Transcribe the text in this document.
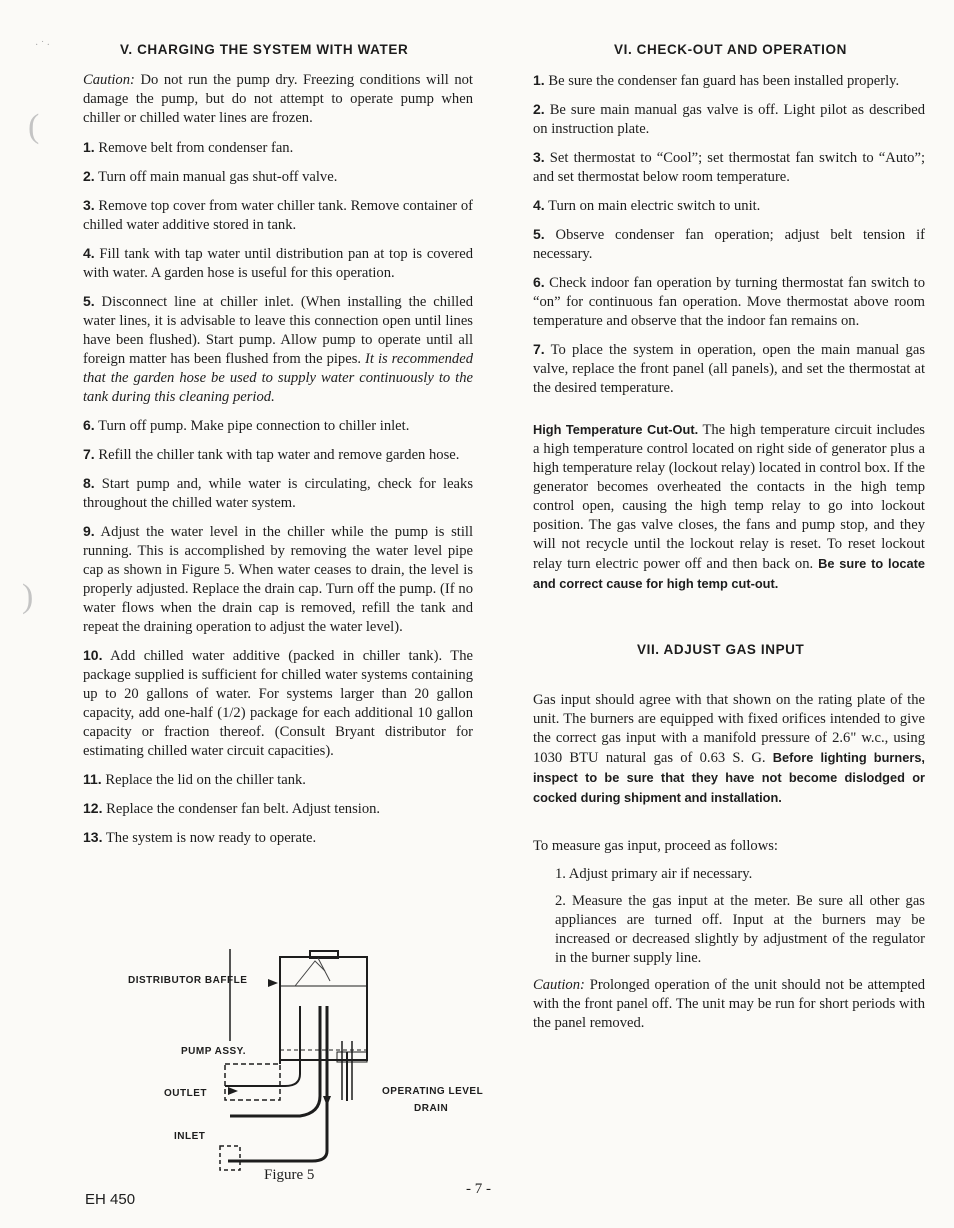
· ˙ ·
(
)
V. CHARGING THE SYSTEM WITH WATER

Caution: Do not run the pump dry. Freezing conditions will not damage the pump, but do not attempt to operate pump when chiller or chilled water lines are frozen.

1. Remove belt from condenser fan.

2. Turn off main manual gas shut-off valve.

3. Remove top cover from water chiller tank. Remove container of chilled water additive stored in tank.

4. Fill tank with tap water until distribution pan at top is covered with water. A garden hose is useful for this operation.

5. Disconnect line at chiller inlet. (When installing the chilled water lines, it is advisable to leave this connection open until lines have been flushed). Start pump. Allow pump to operate until all foreign matter has been flushed from the pipes. It is recommended that the garden hose be used to supply water continuously to the tank during this cleaning period.

6. Turn off pump. Make pipe connection to chiller inlet.

7. Refill the chiller tank with tap water and remove garden hose.

8. Start pump and, while water is circulating, check for leaks throughout the chilled water system.

9. Adjust the water level in the chiller while the pump is still running. This is accomplished by removing the water level pipe cap as shown in Figure 5. When water ceases to drain, the level is properly adjusted. Replace the drain cap. Turn off the pump. (If no water flows when the drain cap is removed, refill the tank and repeat the draining operation to adjust the water level).

10. Add chilled water additive (packed in chiller tank). The package supplied is sufficient for chilled water systems containing up to 20 gallons of water. For systems larger than 20 gallon capacity, add one-half (1/2) package for each additional 10 gallon capacity or fraction thereof. (Consult Bryant distributor for estimating chilled water circuit capacities).

11. Replace the lid on the chiller tank.

12. Replace the condenser fan belt. Adjust tension.

13. The system is now ready to operate.

DISTRIBUTOR BAFFLE
PUMP ASSY.
OUTLET
INLET
OPERATING LEVEL
DRAIN
Figure 5
VI. CHECK-OUT AND OPERATION

1. Be sure the condenser fan guard has been installed properly.

2. Be sure main manual gas valve is off. Light pilot as described on instruction plate.

3. Set thermostat to “Cool”; set thermostat fan switch to “Auto”; and set thermostat below room temperature.

4. Turn on main electric switch to unit.

5. Observe condenser fan operation; adjust belt tension if necessary.

6. Check indoor fan operation by turning thermostat fan switch to “on” for continuous fan operation. Move thermostat above room temperature and observe that the indoor fan remains on.

7. To place the system in operation, open the main manual gas valve, replace the front panel (all panels), and set the thermostat at the desired temperature.

High Temperature Cut-Out. The high temperature circuit includes a high temperature control located on right side of generator plus a high temperature relay (lockout relay) located in control box. If the generator becomes overheated the contacts in the high temp control open, causing the high temp relay to go into lockout position. The gas valve closes, the fans and pump stop, and they will not recycle until the lockout relay is reset. To reset lockout relay turn electric power off and then back on. Be sure to locate and correct cause for high temp cut-out.

VII. ADJUST GAS INPUT

Gas input should agree with that shown on the rating plate of the unit. The burners are equipped with fixed orifices intended to give the correct gas input with a manifold pressure of 2.6" w.c., using 1030 BTU natural gas of 0.63 S. G. Before lighting burners, inspect to be sure that they have not become dislodged or cocked during shipment and installation.

To measure gas input, proceed as follows:

1. Adjust primary air if necessary.

2. Measure the gas input at the meter. Be sure all other gas appliances are turned off. Input at the burners may be increased or decreased slightly by adjustment of the regulator in the burner supply line.

Caution: Prolonged operation of the unit should not be attempted with the front panel off. The unit may be run for short periods with the panel removed.

- 7 -
EH 450
